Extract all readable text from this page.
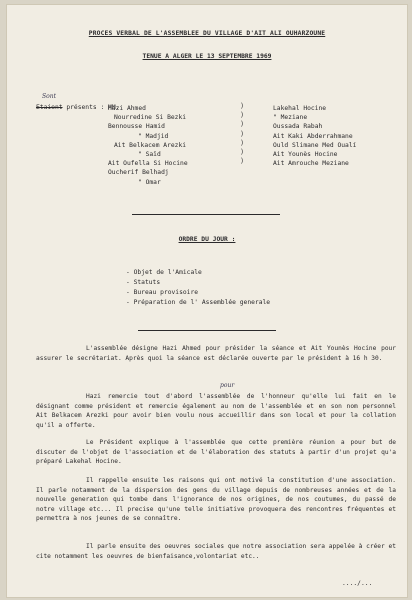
PROCES VERBAL DE L'ASSEMBLEE DU VILLAGE D'AIT ALI OUHARZOUNE
TENUE A ALGER LE 13 SEPTEMBRE 1969
Sont
Etaient présents : MM.
Hazi Ahmed
Nourredine Si Bezki
Bennousse Hamid
" Madjid
Ait Belkacem Arezki
" Saïd
Ait Oufella Si Hocine
Oucherif Belhadj
" Omar
)
)
)
)
)
)
)
Lakehal Hocine
" Meziane
Oussada Rabah
Ait Kaki Abderrahmane
Ould Slimane Med Oualí
Ait Younès Hocine
Ait Amrouche Meziane
ORDRE DU JOUR :
- Objet de l'Amicale
- Statuts
- Bureau provisoire
- Préparation de l' Assemblée generale
L'assemblée désigne Hazi Ahmed pour présider la séance et Ait Younès Hocine pour assurer le secrétariat. Après quoi la séance est déclarée ouverte par le président à 16 h 30.
pour
Hazi remercie tout d'abord l'assemblée de l'honneur qu'elle lui fait en le désignant comme président et remercie également au nom de l'assemblée et en son nom personnel Ait Belkacem Arezki pour avoir bien voulu nous accueillir dans son local et pour la collation qu'il a offerte.
Le Président explique à l'assemblée que cette première réunion a pour but de discuter de l'objet de l'association et de l'élaboration des statuts à partir d'un projet qu'a préparé Lakehal Hocine.
Il rappelle ensuite les raisons qui ont motivé la constitution d'une association. Il parle notamment de la dispersion des gens du village depuis de nombreuses années et de la nouvelle generation qui tombe dans l'ignorance de nos origines, de nos coutumes, du passé de notre village etc... Il precise qu'une telle initiative provoquera des rencontres fréquentes et permettra à nos jeunes de se connaître.
Il parle ensuite des oeuvres sociales que notre association sera appelée à créer et cite notamment les oeuvres de bienfaisance,volontariat etc..
..../...
